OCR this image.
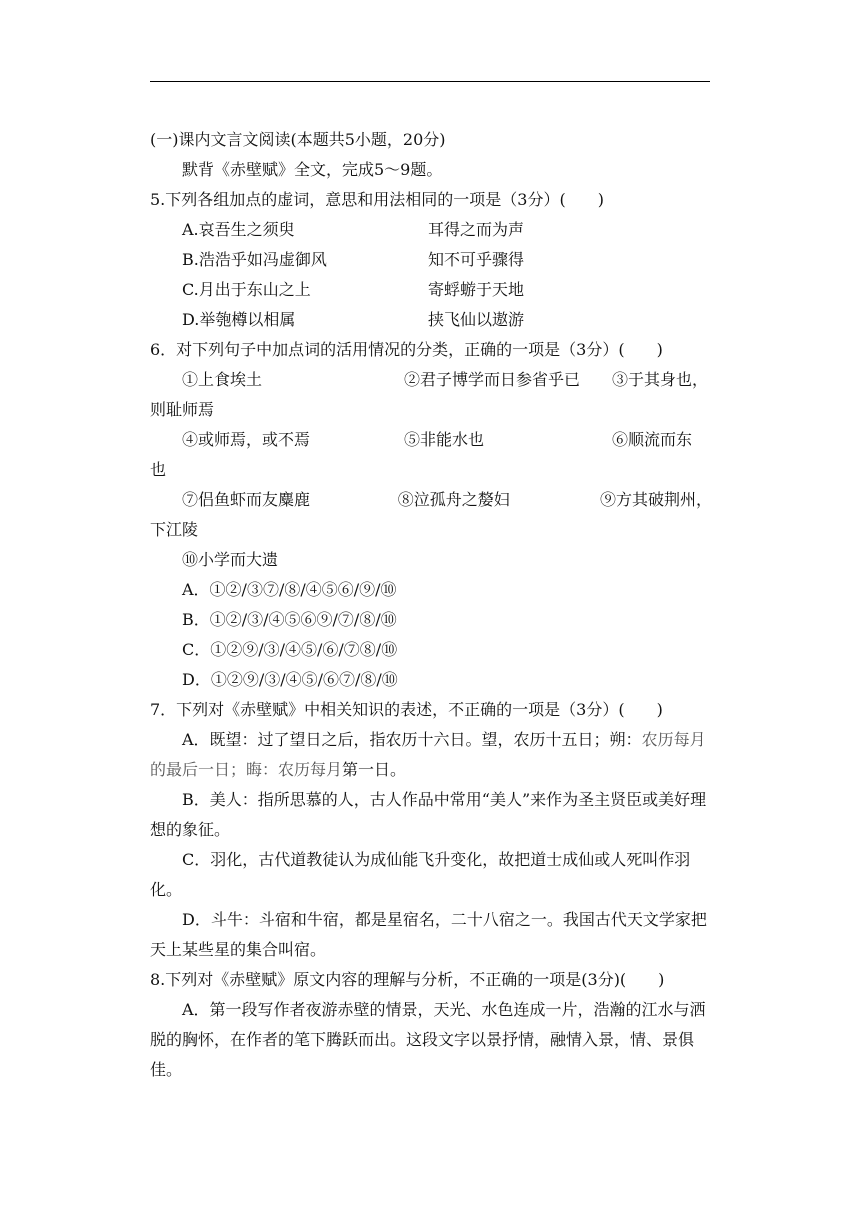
(一)课内文言文阅读(本题共5小题，20分)
默背《赤壁赋》全文，完成5～9题。
5.下列各组加点的虚词，意思和用法相同的一项是（3分）(　　)
A.哀吾生之须臾	耳得之而为声
B.浩浩乎如冯虚御风	知不可乎骤得
C.月出于东山之上	寄蜉蝣于天地
D.举匏樽以相属	挟飞仙以遨游
6．对下列句子中加点词的活用情况的分类，正确的一项是（3分）(　　)
①上食埃土	②君子博学而日参省乎已	③于其身也，
则耻师焉
④或师焉，或不焉	⑤非能水也	⑥顺流而东
也
⑦侣鱼虾而友麋鹿	⑧泣孤舟之嫠妇	⑨方其破荆州，
下江陵
⑩小学而大遗
A．①②/③⑦/⑧/④⑤⑥/⑨/⑩
B．①②/③/④⑤⑥⑨/⑦/⑧/⑩
C．①②⑨/③/④⑤/⑥/⑦⑧/⑩
D．①②⑨/③/④⑤/⑥⑦/⑧/⑩
7．下列对《赤壁赋》中相关知识的表述，不正确的一项是（3分）(　　)
A．既望：过了望日之后，指农历十六日。望，农历十五日；朔：农历每月的最后一日；晦：农历每月第一日。
B．美人：指所思慕的人，古人作品中常用“美人”来作为圣主贤臣或美好理想的象征。
C．羽化，古代道教徒认为成仙能飞升变化，故把道士成仙或人死叫作羽化。
D．斗牛：斗宿和牛宿，都是星宿名，二十八宿之一。我国古代天文学家把天上某些星的集合叫宿。
8.下列对《赤壁赋》原文内容的理解与分析，不正确的一项是(3分)(　　)
A．第一段写作者夜游赤壁的情景，天光、水色连成一片，浩瀚的江水与洒脱的胸怀，在作者的笔下腾跃而出。这段文字以景抒情，融情入景，情、景俱佳。
